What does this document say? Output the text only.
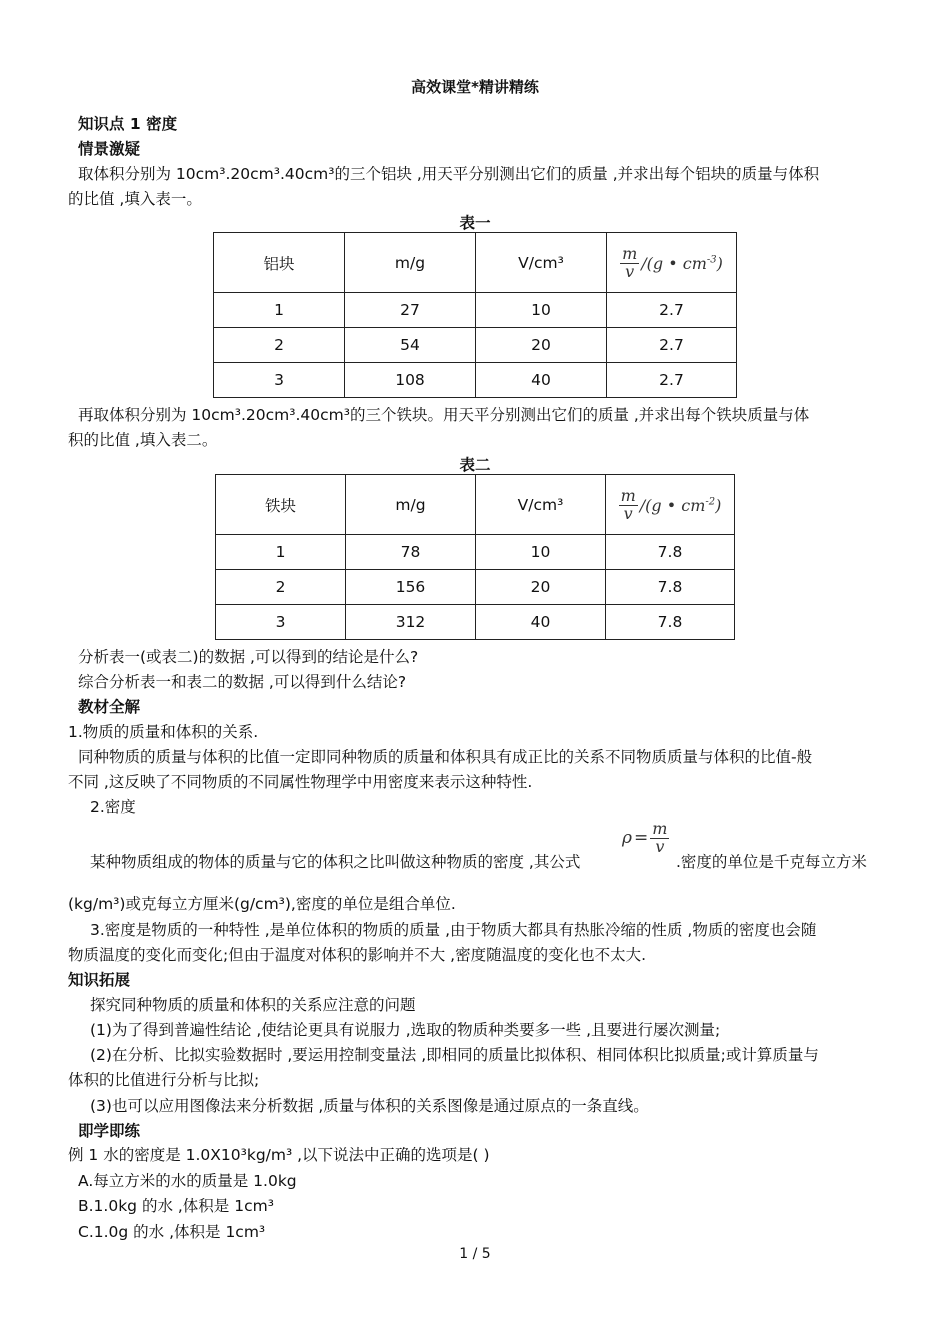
高效课堂*精讲精练
知识点 1 密度
情景激疑
取体积分别为 10cm³.20cm³.40cm³的三个铝块 ,用天平分别测出它们的质量 ,并求出每个铝块的质量与体积
的比值 ,填入表一。
表一
铝块	m/g	V/cm³	$\frac{m}{v} /(g$ • $cm^{-3}$)

1	27	10	2.7
2	54	20	2.7
3	108	40	2.7
再取体积分别为 10cm³.20cm³.40cm³的三个铁块。用天平分别测出它们的质量 ,并求出每个铁块质量与体
积的比值 ,填入表二。
表二
铁块	m/g	V/cm³	$\frac{m}{v} /(g$ • $cm^{-2}$)

1	78	10	7.8
2	156	20	7.8
3	312	40	7.8
分析表一(或表二)的数据 ,可以得到的结论是什么?
综合分析表一和表二的数据 ,可以得到什么结论?
教材全解
1.物质的质量和体积的关系.
同种物质的质量与体积的比值一定即同种物质的质量和体积具有成正比的关系不同物质质量与体积的比值-般
不同 ,这反映了不同物质的不同属性物理学中用密度来表示这种特性.
2.密度
某种物质组成的物体的质量与它的体积之比叫做这种物质的密度 ,其公式
$\rho = \frac{m}{v}$
.密度的单位是千克每立方米
(kg/m³)或克每立方厘米(g/cm³),密度的单位是组合单位.
3.密度是物质的一种特性 ,是单位体积的物质的质量 ,由于物质大都具有热胀冷缩的性质 ,物质的密度也会随
物质温度的变化而变化;但由于温度对体积的影响并不大 ,密度随温度的变化也不太大.
知识拓展
探究同种物质的质量和体积的关系应注意的问题
(1)为了得到普遍性结论 ,使结论更具有说服力 ,选取的物质种类要多一些 ,且要进行屡次测量;
(2)在分析、比拟实验数据时 ,要运用控制变量法 ,即相同的质量比拟体积、相同体积比拟质量;或计算质量与
体积的比值进行分析与比拟;
(3)也可以应用图像法来分析数据 ,质量与体积的关系图像是通过原点的一条直线。
即学即练
例 1 水的密度是 1.0X10³kg/m³ ,以下说法中正确的选项是( )
A.每立方米的水的质量是 1.0kg
B.1.0kg 的水 ,体积是 1cm³
C.1.0g 的水 ,体积是 1cm³
1 / 5
